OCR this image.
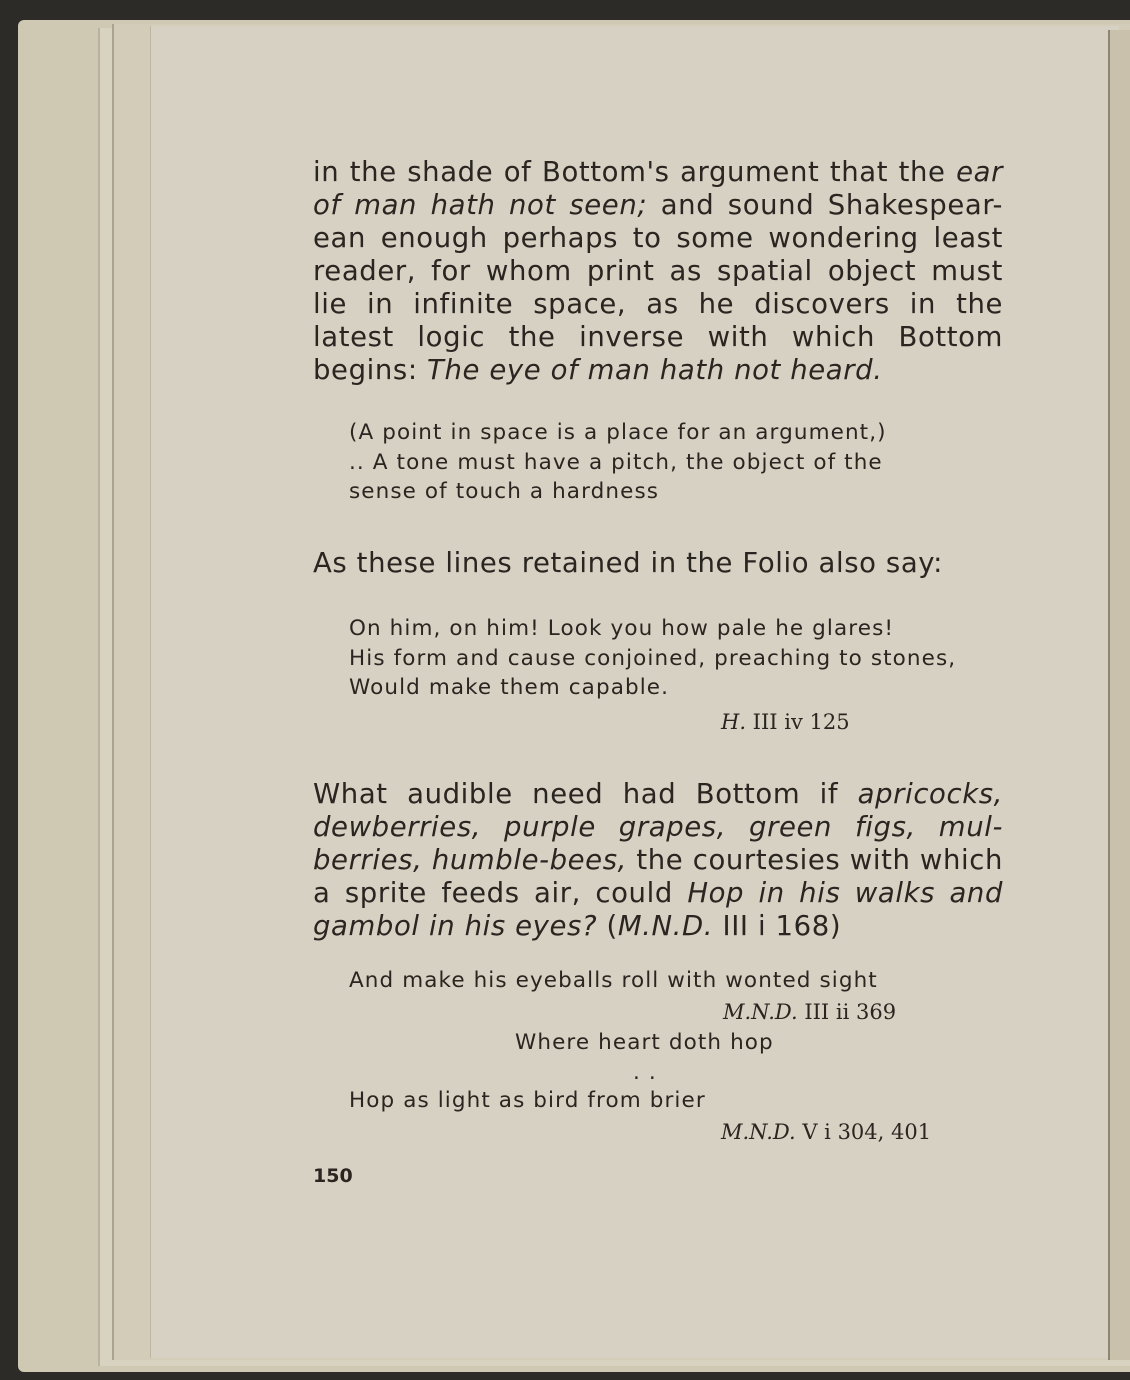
in the shade of Bottom's argument that the ear of man hath not seen; and sound Shakespear-ean enough perhaps to some wondering least reader, for whom print as spatial object must lie in infinite space, as he discovers in the latest logic the inverse with which Bottom begins: The eye of man hath not heard.

(A point in space is a place for an argument,)

.. A tone must have a pitch, the object of the

sense of touch a hardness

As these lines retained in the Folio also say:

On him, on him! Look you how pale he glares!

His form and cause conjoined, preaching to stones,

Would make them capable.

H. III iv 125

What audible need had Bottom if apricocks, dewberries, purple grapes, green figs, mul-berries, humble-bees, the courtesies with which a sprite feeds air, could Hop in his walks and gambol in his eyes? (M.N.D. III i 168)

And make his eyeballs roll with wonted sight

M.N.D. III ii 369

Where heart doth hop

. .

Hop as light as bird from brier

M.N.D. V i 304, 401
150
